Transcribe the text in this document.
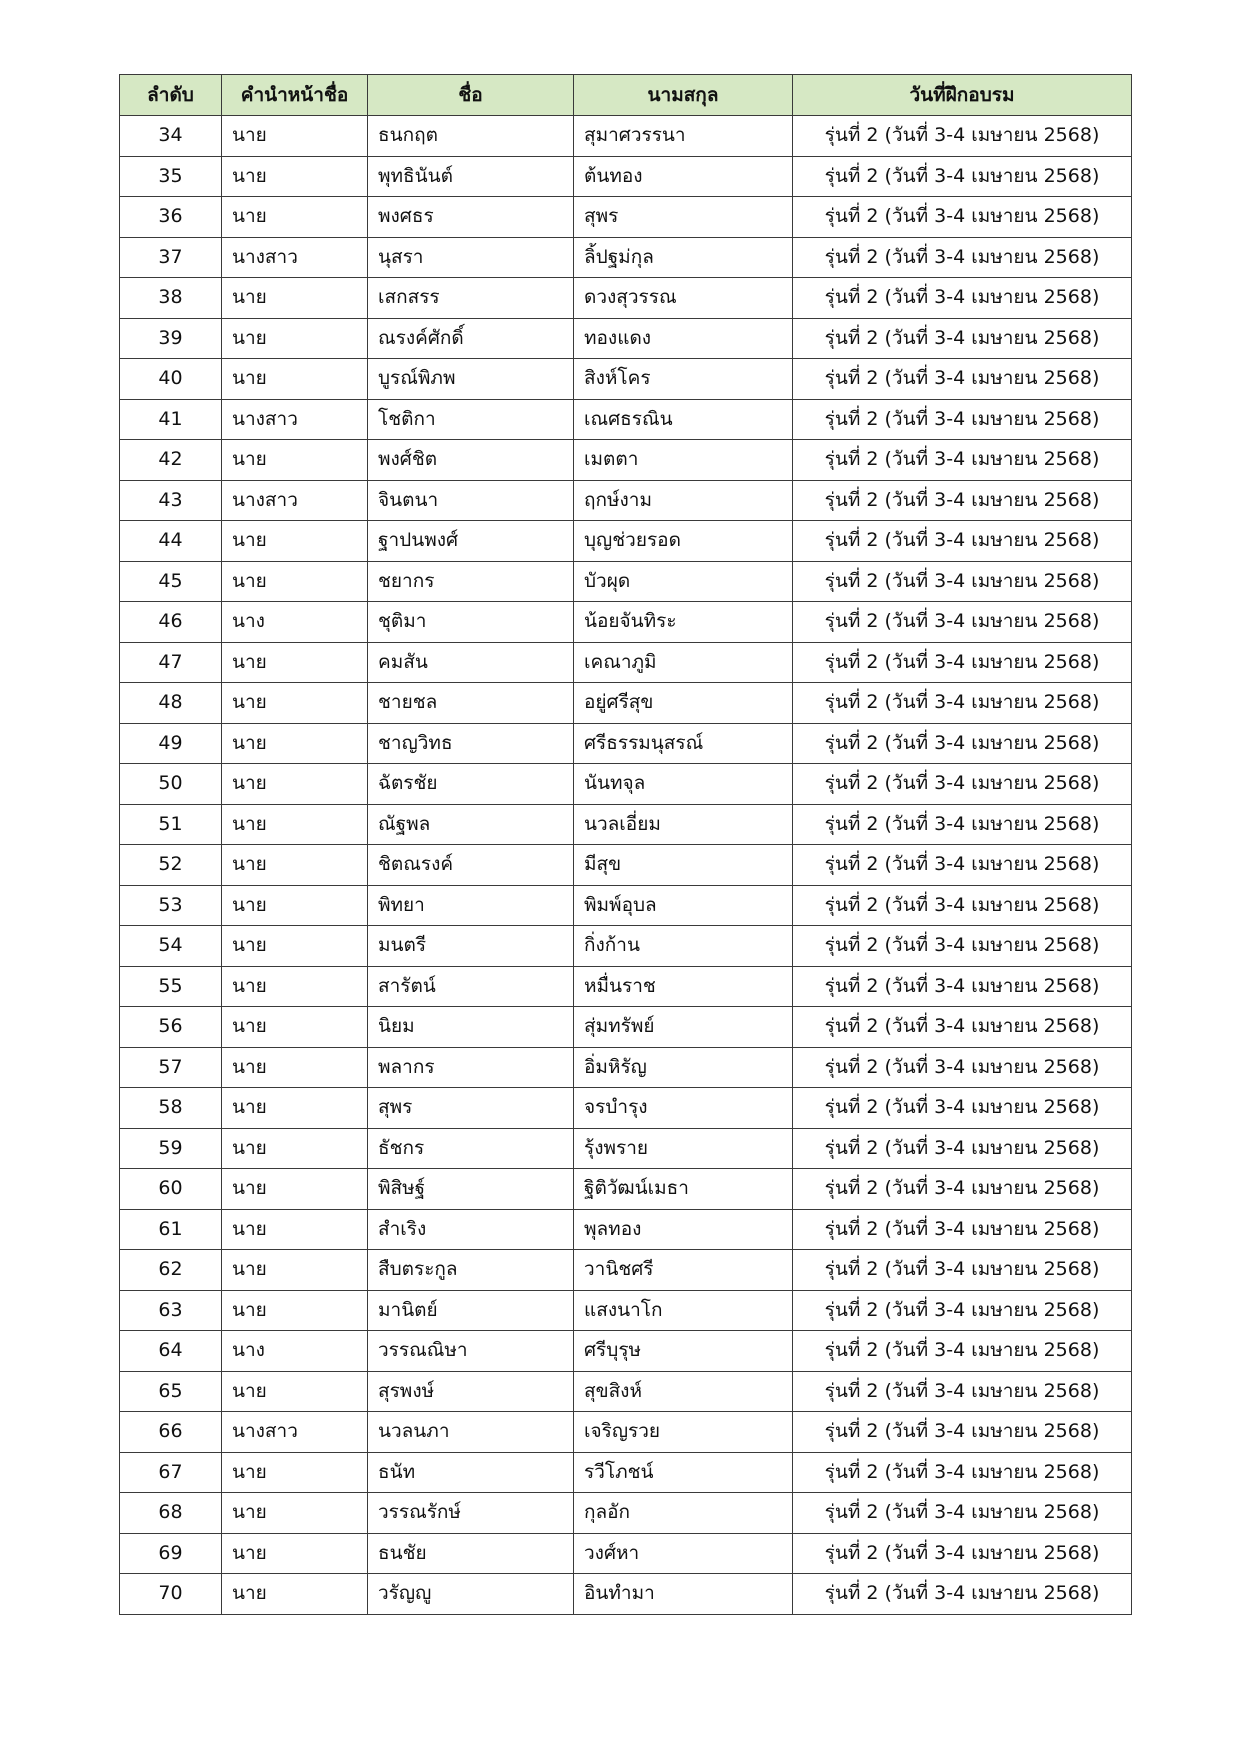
ลำดับ	คำนำหน้าชื่อ	ชื่อ	นามสกุล	วันที่ฝึกอบรม
34	นาย	ธนกฤต	สุมาศวรรนา	รุ่นที่ 2 (วันที่ 3-4 เมษายน 2568)
35	นาย	พุทธินันต์	ต้นทอง	รุ่นที่ 2 (วันที่ 3-4 เมษายน 2568)
36	นาย	พงศธร	สุพร	รุ่นที่ 2 (วันที่ 3-4 เมษายน 2568)
37	นางสาว	นุสรา	ลิ้ปฐม่กุล	รุ่นที่ 2 (วันที่ 3-4 เมษายน 2568)
38	นาย	เสกสรร	ดวงสุวรรณ	รุ่นที่ 2 (วันที่ 3-4 เมษายน 2568)
39	นาย	ณรงค์ศักดิ์	ทองแดง	รุ่นที่ 2 (วันที่ 3-4 เมษายน 2568)
40	นาย	บูรณ์พิภพ	สิงห์โคร	รุ่นที่ 2 (วันที่ 3-4 เมษายน 2568)
41	นางสาว	โชติกา	เณศธรณิน	รุ่นที่ 2 (วันที่ 3-4 เมษายน 2568)
42	นาย	พงศ์ชิต	เมตตา	รุ่นที่ 2 (วันที่ 3-4 เมษายน 2568)
43	นางสาว	จินตนา	ฤกษ์งาม	รุ่นที่ 2 (วันที่ 3-4 เมษายน 2568)
44	นาย	ฐาปนพงศ์	บุญช่วยรอด	รุ่นที่ 2 (วันที่ 3-4 เมษายน 2568)
45	นาย	ชยากร	บัวผุด	รุ่นที่ 2 (วันที่ 3-4 เมษายน 2568)
46	นาง	ชุติมา	น้อยจันทิระ	รุ่นที่ 2 (วันที่ 3-4 เมษายน 2568)
47	นาย	คมสัน	เคณาภูมิ	รุ่นที่ 2 (วันที่ 3-4 เมษายน 2568)
48	นาย	ชายชล	อยู่ศรีสุข	รุ่นที่ 2 (วันที่ 3-4 เมษายน 2568)
49	นาย	ชาญวิทธ	ศรีธรรมนุสรณ์	รุ่นที่ 2 (วันที่ 3-4 เมษายน 2568)
50	นาย	ฉัตรชัย	นันทจุล	รุ่นที่ 2 (วันที่ 3-4 เมษายน 2568)
51	นาย	ณัฐพล	นวลเอี่ยม	รุ่นที่ 2 (วันที่ 3-4 เมษายน 2568)
52	นาย	ชิตณรงค์	มีสุข	รุ่นที่ 2 (วันที่ 3-4 เมษายน 2568)
53	นาย	พิทยา	พิมพ์อุบล	รุ่นที่ 2 (วันที่ 3-4 เมษายน 2568)
54	นาย	มนตรี	กิ่งก้าน	รุ่นที่ 2 (วันที่ 3-4 เมษายน 2568)
55	นาย	สารัตน์	หมื่นราช	รุ่นที่ 2 (วันที่ 3-4 เมษายน 2568)
56	นาย	นิยม	สุ่มทรัพย์	รุ่นที่ 2 (วันที่ 3-4 เมษายน 2568)
57	นาย	พลากร	อิ่มหิรัญ	รุ่นที่ 2 (วันที่ 3-4 เมษายน 2568)
58	นาย	สุพร	จรบำรุง	รุ่นที่ 2 (วันที่ 3-4 เมษายน 2568)
59	นาย	ธัชกร	รุ้งพราย	รุ่นที่ 2 (วันที่ 3-4 เมษายน 2568)
60	นาย	พิสิษฐ์	ฐิติวัฒน์เมธา	รุ่นที่ 2 (วันที่ 3-4 เมษายน 2568)
61	นาย	สำเริง	พุลทอง	รุ่นที่ 2 (วันที่ 3-4 เมษายน 2568)
62	นาย	สืบตระกูล	วานิชศรี	รุ่นที่ 2 (วันที่ 3-4 เมษายน 2568)
63	นาย	มานิตย์	แสงนาโก	รุ่นที่ 2 (วันที่ 3-4 เมษายน 2568)
64	นาง	วรรณณิษา	ศรีบุรุษ	รุ่นที่ 2 (วันที่ 3-4 เมษายน 2568)
65	นาย	สุรพงษ์	สุขสิงห์	รุ่นที่ 2 (วันที่ 3-4 เมษายน 2568)
66	นางสาว	นวลนภา	เจริญรวย	รุ่นที่ 2 (วันที่ 3-4 เมษายน 2568)
67	นาย	ธนัท	รวีโภชน์	รุ่นที่ 2 (วันที่ 3-4 เมษายน 2568)
68	นาย	วรรณรักษ์	กุลอัก	รุ่นที่ 2 (วันที่ 3-4 เมษายน 2568)
69	นาย	ธนชัย	วงศ์หา	รุ่นที่ 2 (วันที่ 3-4 เมษายน 2568)
70	นาย	วรัญญู	อินทำมา	รุ่นที่ 2 (วันที่ 3-4 เมษายน 2568)
